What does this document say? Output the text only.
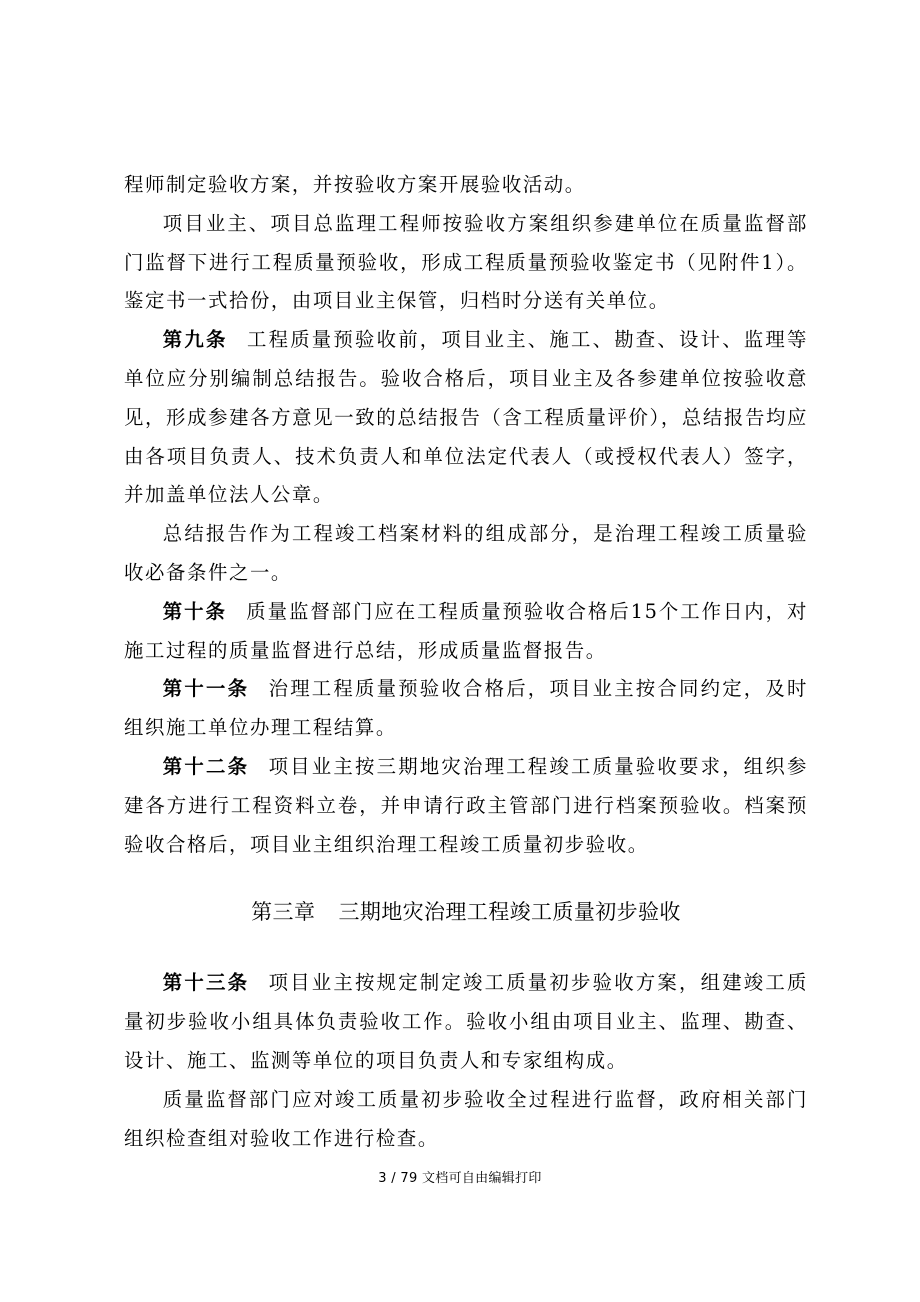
程师制定验收方案，并按验收方案开展验收活动。

项目业主、项目总监理工程师按验收方案组织参建单位在质量监督部门监督下进行工程质量预验收，形成工程质量预验收鉴定书（见附件1）。鉴定书一式拾份，由项目业主保管，归档时分送有关单位。

第九条 工程质量预验收前，项目业主、施工、勘查、设计、监理等单位应分别编制总结报告。验收合格后，项目业主及各参建单位按验收意见，形成参建各方意见一致的总结报告（含工程质量评价），总结报告均应由各项目负责人、技术负责人和单位法定代表人（或授权代表人）签字，并加盖单位法人公章。

总结报告作为工程竣工档案材料的组成部分，是治理工程竣工质量验收必备条件之一。

第十条 质量监督部门应在工程质量预验收合格后15个工作日内，对施工过程的质量监督进行总结，形成质量监督报告。

第十一条 治理工程质量预验收合格后，项目业主按合同约定，及时组织施工单位办理工程结算。

第十二条 项目业主按三期地灾治理工程竣工质量验收要求，组织参建各方进行工程资料立卷，并申请行政主管部门进行档案预验收。档案预验收合格后，项目业主组织治理工程竣工质量初步验收。

第三章 三期地灾治理工程竣工质量初步验收

第十三条 项目业主按规定制定竣工质量初步验收方案，组建竣工质量初步验收小组具体负责验收工作。验收小组由项目业主、监理、勘查、设计、施工、监测等单位的项目负责人和专家组构成。

质量监督部门应对竣工质量初步验收全过程进行监督，政府相关部门组织检查组对验收工作进行检查。

3 / 79 文档可自由编辑打印
